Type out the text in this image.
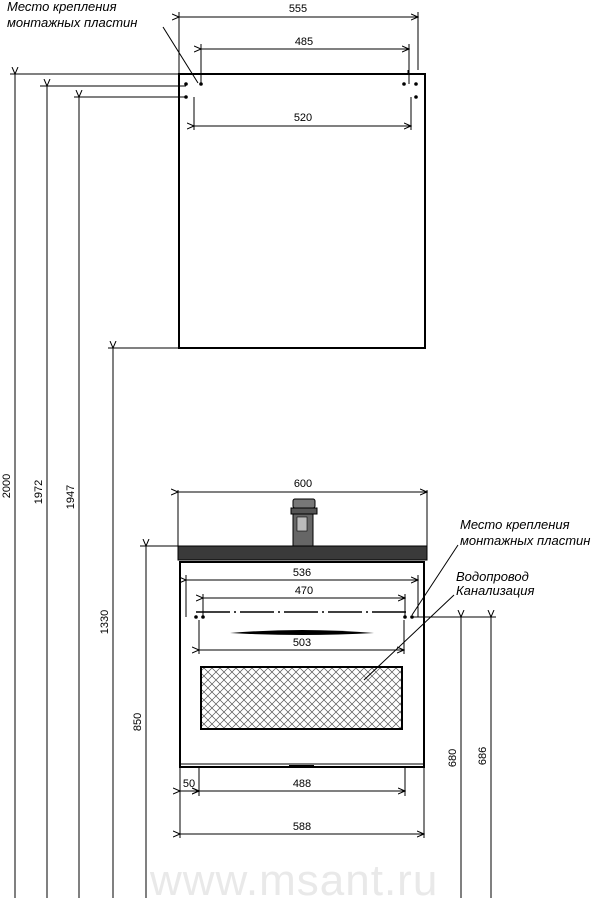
www.msant.ru
555
485
520
Место крепления
монтажных пластин
2000 1972 1947
1330
850
600
536
470
503
Место крепления
монтажных пластин
Водопровод
Канализация
680 686
50	488
588
